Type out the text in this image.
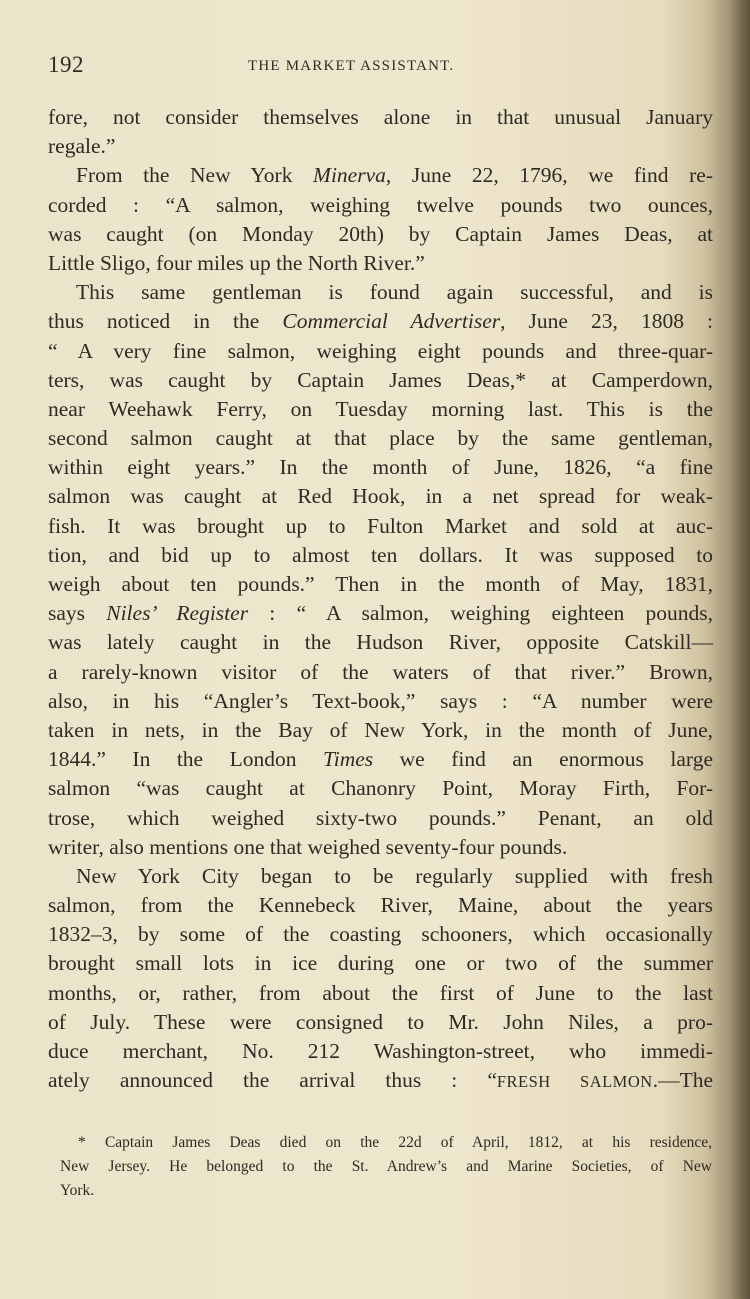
192	THE MARKET ASSISTANT.
fore, not consider themselves alone in that unusual January
regale.”
From the New York Minerva, June 22, 1796, we find re-
corded : “A salmon, weighing twelve pounds two ounces,
was caught (on Monday 20th) by Captain James Deas, at
Little Sligo, four miles up the North River.”
This same gentleman is found again successful, and is
thus noticed in the Commercial Advertiser, June 23, 1808 :
“ A very fine salmon, weighing eight pounds and three-quar-
ters, was caught by Captain James Deas,* at Camperdown,
near Weehawk Ferry, on Tuesday morning last. This is the
second salmon caught at that place by the same gentleman,
within eight years.” In the month of June, 1826, “a fine
salmon was caught at Red Hook, in a net spread for weak-
fish. It was brought up to Fulton Market and sold at auc-
tion, and bid up to almost ten dollars. It was supposed to
weigh about ten pounds.” Then in the month of May, 1831,
says Niles’ Register : “ A salmon, weighing eighteen pounds,
was lately caught in the Hudson River, opposite Catskill—
a rarely-known visitor of the waters of that river.” Brown,
also, in his “Angler’s Text-book,” says : “A number were
taken in nets, in the Bay of New York, in the month of June,
1844.” In the London Times we find an enormous large
salmon “was caught at Chanonry Point, Moray Firth, For-
trose, which weighed sixty-two pounds.” Penant, an old
writer, also mentions one that weighed seventy-four pounds.
New York City began to be regularly supplied with fresh
salmon, from the Kennebeck River, Maine, about the years
1832–3, by some of the coasting schooners, which occasionally
brought small lots in ice during one or two of the summer
months, or, rather, from about the first of June to the last
of July. These were consigned to Mr. John Niles, a pro-
duce merchant, No. 212 Washington-street, who immedi-
ately announced the arrival thus : “FRESH SALMON.—The
* Captain James Deas died on the 22d of April, 1812, at his residence,
New Jersey. He belonged to the St. Andrew’s and Marine Societies, of New
York.
